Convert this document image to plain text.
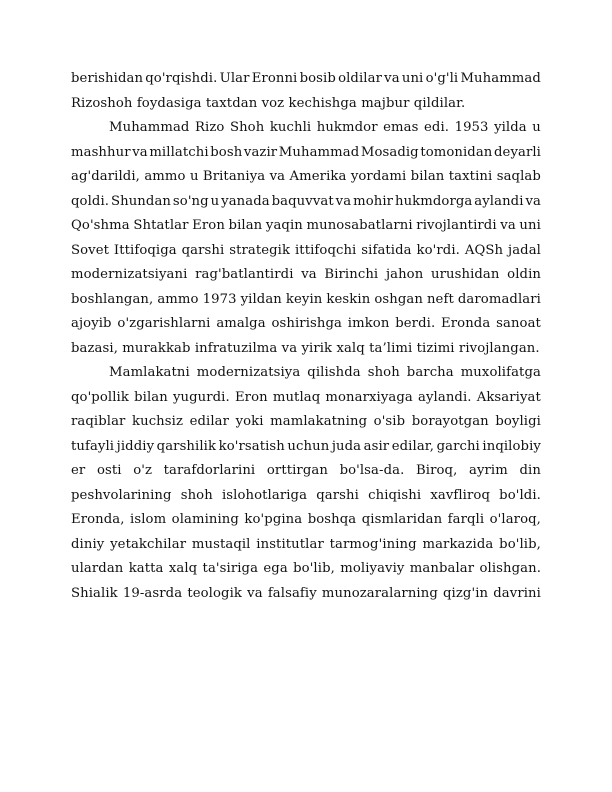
berishidan qo'rqishdi. Ular Eronni bosib oldilar va uni o'g'li Muhammad
Rizoshoh foydasiga taxtdan voz kechishga majbur qildilar.
Muhammad Rizo Shoh kuchli hukmdor emas edi. 1953 yilda u
mashhur va millatchi bosh vazir Muhammad Mosadig tomonidan deyarli
ag'darildi, ammo u Britaniya va Amerika yordami bilan taxtini saqlab
qoldi. Shundan so'ng u yanada baquvvat va mohir hukmdorga aylandi va
Qo'shma Shtatlar Eron bilan yaqin munosabatlarni rivojlantirdi va uni
Sovet Ittifoqiga qarshi strategik ittifoqchi sifatida ko'rdi. AQSh jadal
modernizatsiyani rag'batlantirdi va Birinchi jahon urushidan oldin
boshlangan, ammo 1973 yildan keyin keskin oshgan neft daromadlari
ajoyib o'zgarishlarni amalga oshirishga imkon berdi. Eronda sanoat
bazasi, murakkab infratuzilma va yirik xalq ta’limi tizimi rivojlangan.
Mamlakatni modernizatsiya qilishda shoh barcha muxolifatga
qo'pollik bilan yugurdi. Eron mutlaq monarxiyaga aylandi. Aksariyat
raqiblar kuchsiz edilar yoki mamlakatning o'sib borayotgan boyligi
tufayli jiddiy qarshilik ko'rsatish uchun juda asir edilar, garchi inqilobiy
er osti o'z tarafdorlarini orttirgan bo'lsa-da. Biroq, ayrim din
peshvolarining shoh islohotlariga qarshi chiqishi xavfliroq bo'ldi.
Eronda, islom olamining ko'pgina boshqa qismlaridan farqli o'laroq,
diniy yetakchilar mustaqil institutlar tarmog'ining markazida bo'lib,
ulardan katta xalq ta'siriga ega bo'lib, moliyaviy manbalar olishgan.
Shialik 19-asrda teologik va falsafiy munozaralarning qizg'in davrini
